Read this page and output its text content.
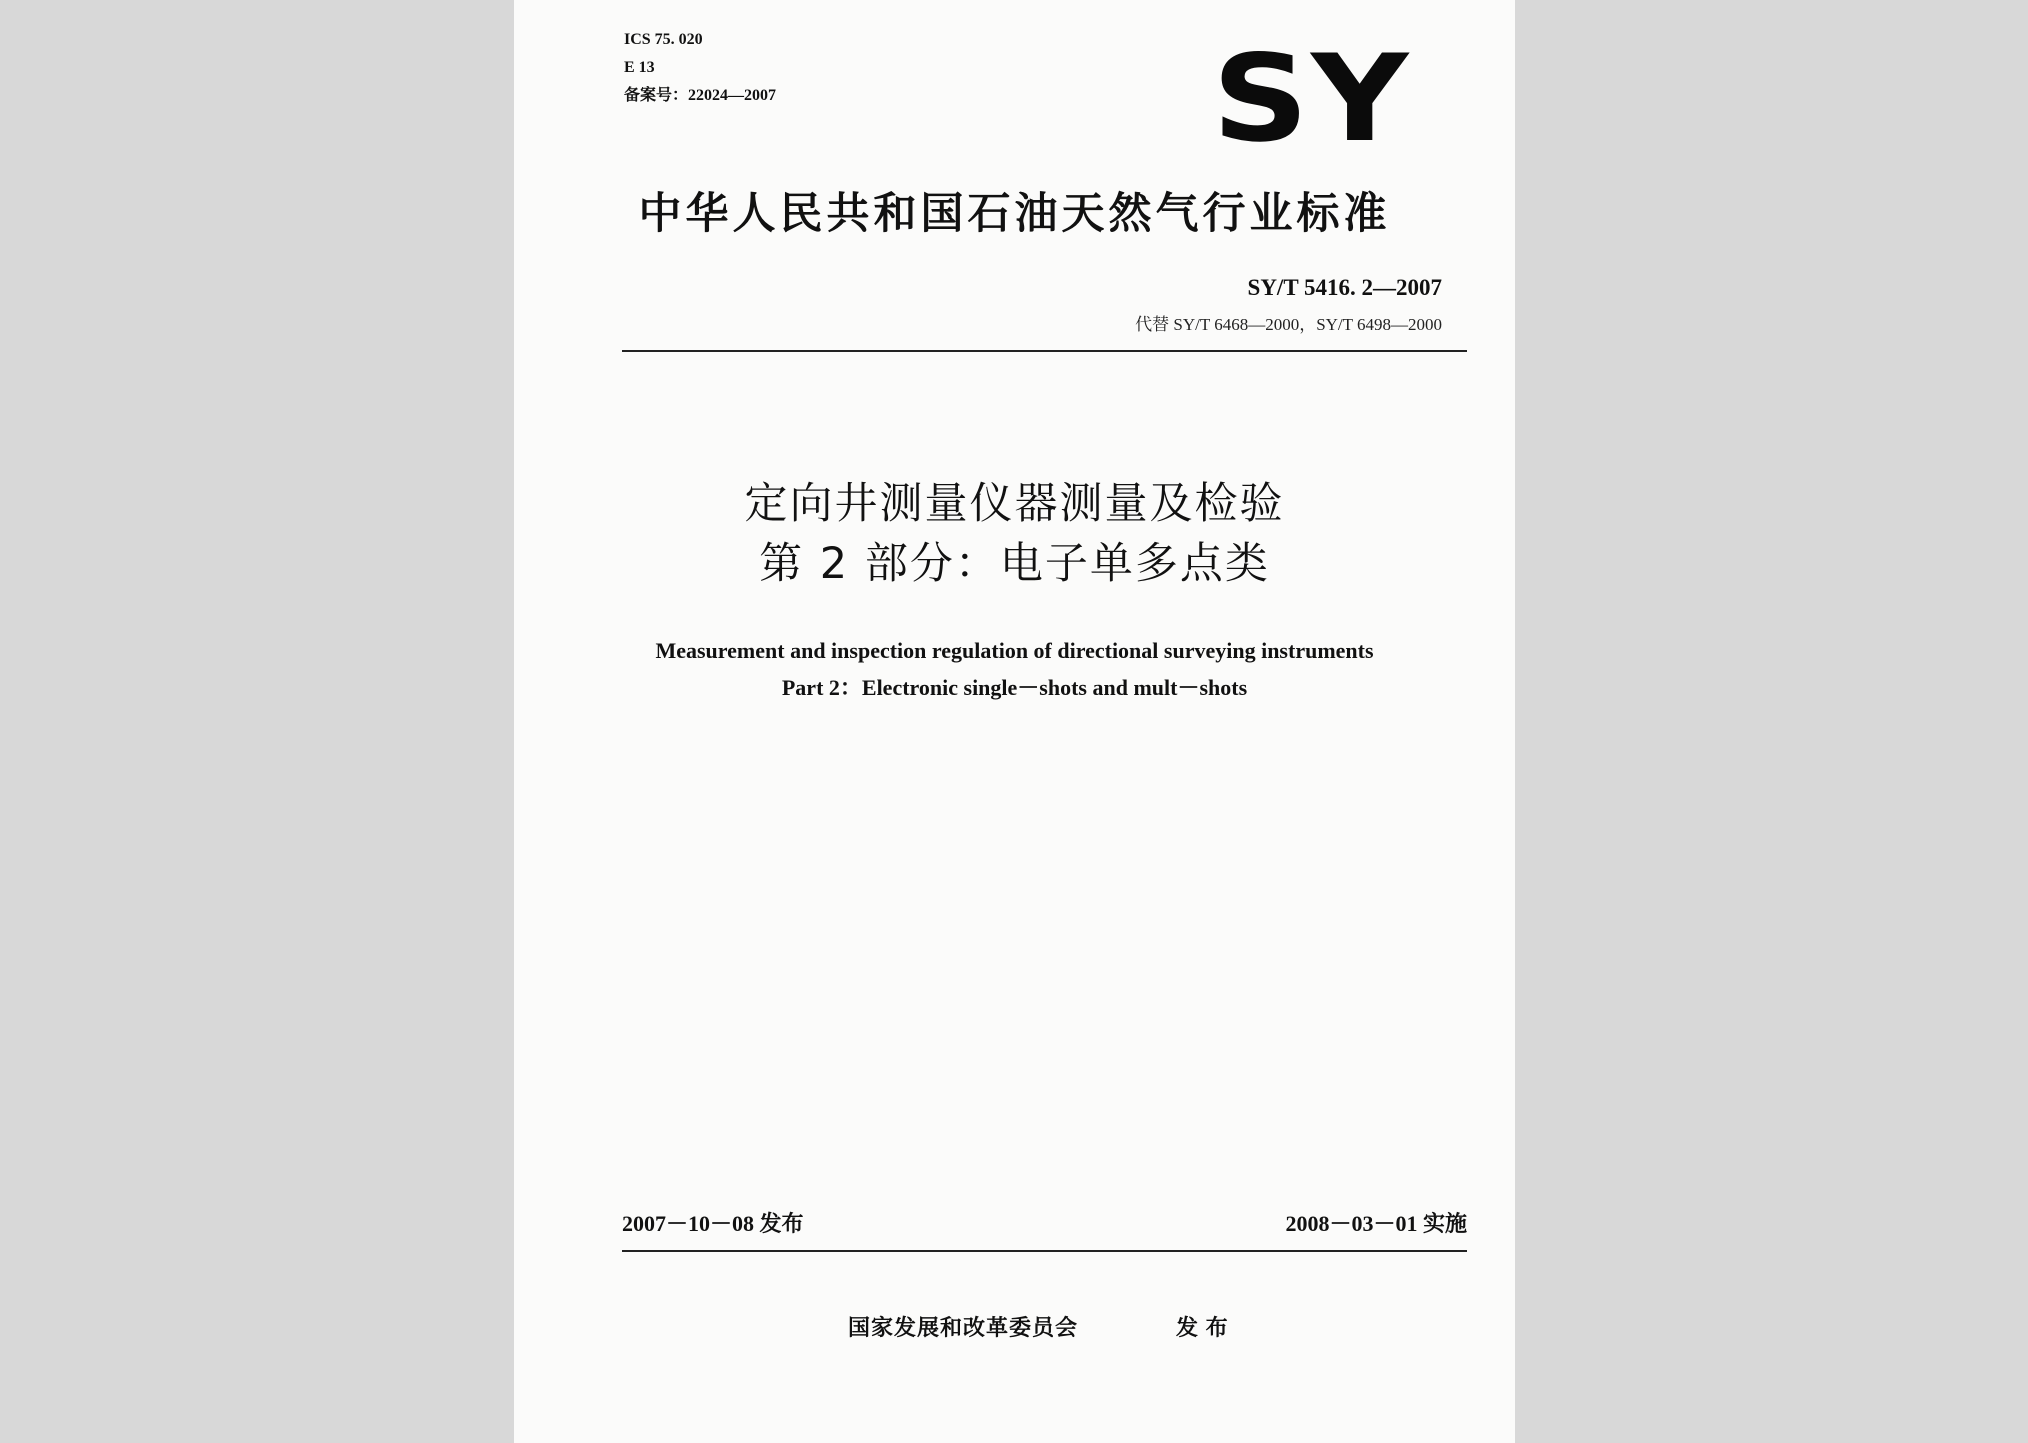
ICS 75. 020
E 13
备案号：22024—2007	SY
中华人民共和国石油天然气行业标准
SY/T 5416. 2—2007
代替 SY/T 6468—2000，SY/T 6498—2000
定向井测量仪器测量及检验
第 2 部分：电子单多点类
Measurement and inspection regulation of directional surveying instruments
Part 2：Electronic single－shots and mult－shots
2007－10－08 发布	2008－03－01 实施
国家发展和改革委员会	发 布
